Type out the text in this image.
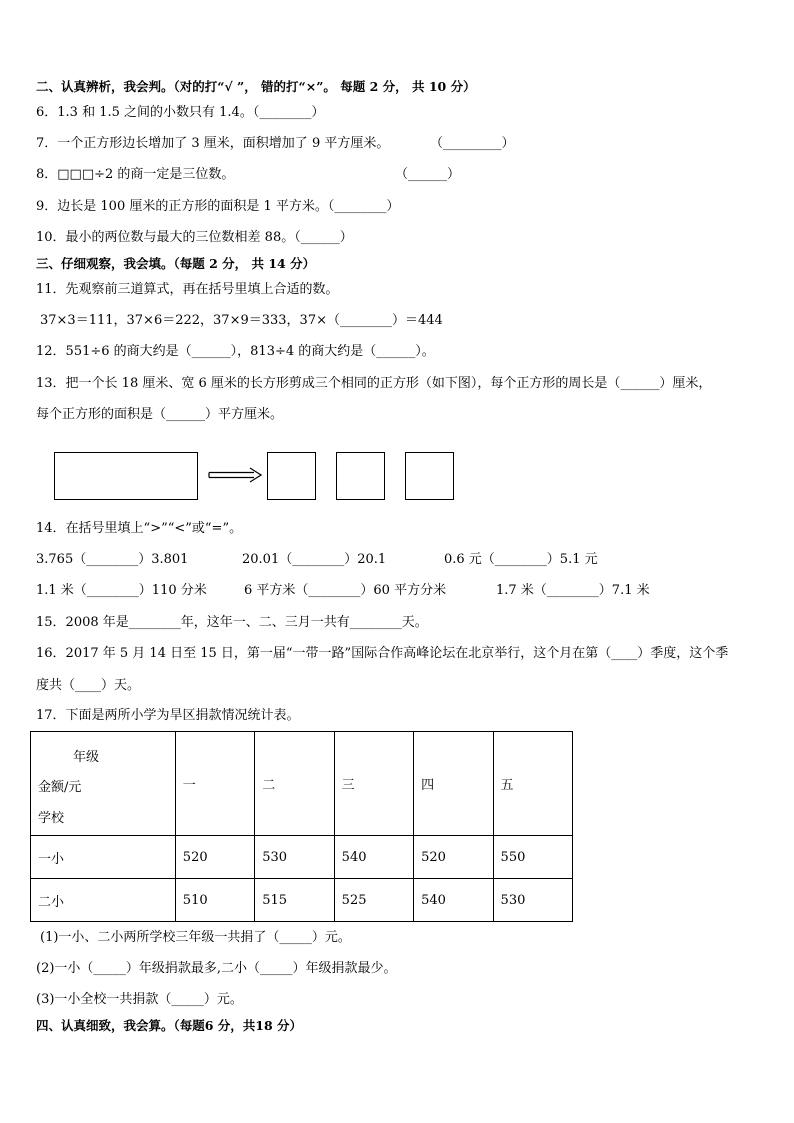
二、认真辨析，我会判。（对的打“√ ”， 错的打“×”。 每题 2 分， 共 10 分）
6．1.3 和 1.5 之间的小数只有 1.4。（________）
7．一个正方形边长增加了 3 厘米，面积增加了 9 平方厘米。	（_________）
8．□□□÷2 的商一定是三位数。	（______）
9．边长是 100 厘米的正方形的面积是 1 平方米。（________）
10．最小的两位数与最大的三位数相差 88。（______）
三、仔细观察，我会填。（每题 2 分， 共 14 分）
11．先观察前三道算式，再在括号里填上合适的数。
37×3＝111，37×6＝222，37×9＝333，37×（________）＝444
12．551÷6 的商大约是（______），813÷4 的商大约是（______）。
13．把一个长 18 厘米、宽 6 厘米的长方形剪成三个相同的正方形（如下图），每个正方形的周长是（______）厘米，
每个正方形的面积是（______）平方厘米。
14．在括号里填上“>”“<”或“=”。
3.765（________）3.801	20.01（________）20.1	0.6 元（________）5.1 元
1.1 米（________）110 分米	6 平方米（________）60 平方分米	1.7 米（________）7.1 米
15．2008 年是________年，这年一、二、三月一共有________天。
16．2017 年 5 月 14 日至 15 日，第一届“一带一路”国际合作高峰论坛在北京举行，这个月在第（____）季度，这个季
度共（____）天。
17．下面是两所小学为旱区捐款情况统计表。
年级
金额/元
学校	一	二	三	四	五
一小	520	530	540	520	550
二小	510	515	525	540	530
(1)一小、二小两所学校三年级一共捐了（_____）元。
(2)一小（_____）年级捐款最多,二小（_____）年级捐款最少。
(3)一小全校一共捐款（_____）元。
四、认真细致，我会算。（每题6 分，共18 分）
